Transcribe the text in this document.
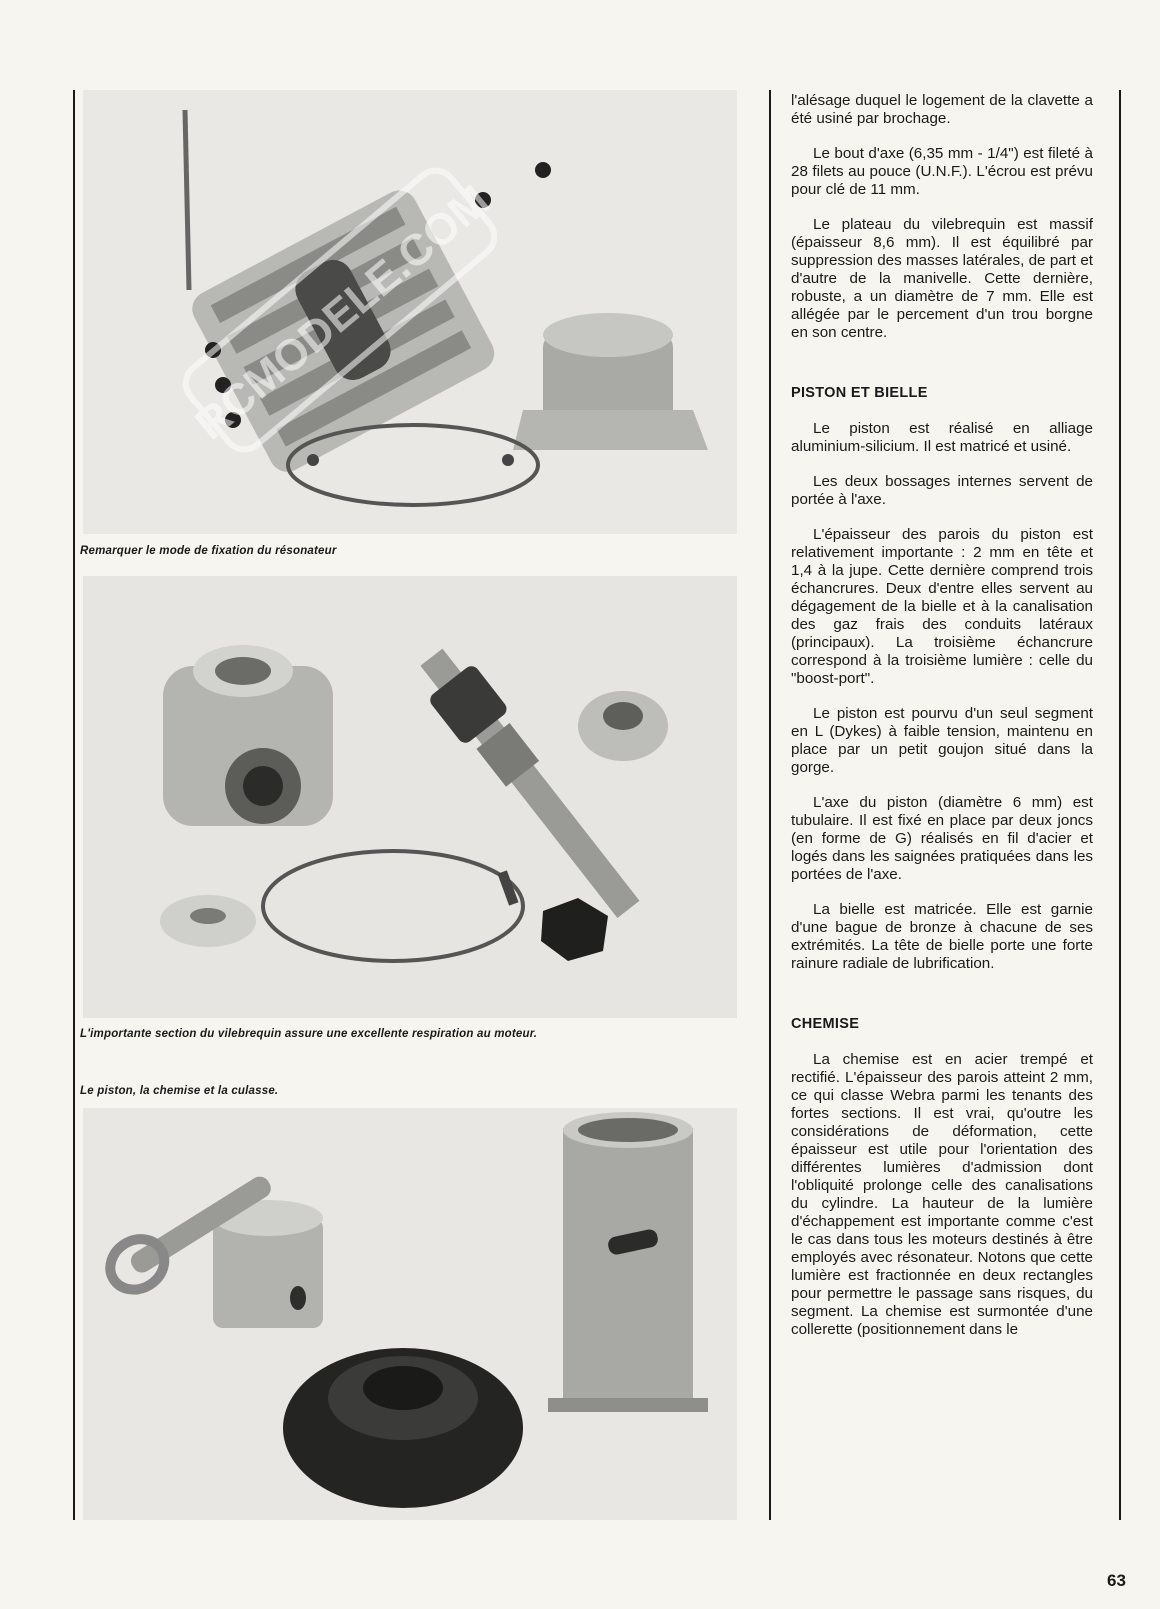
RCMODELE.COM
Remarquer le mode de fixation du résonateur
L'importante section du vilebrequin assure une excellente respiration au moteur.
Le piston, la chemise et la culasse.

l'alésage duquel le logement de la clavette a été usiné par brochage.

Le bout d'axe (6,35 mm - 1/4") est fileté à 28 filets au pouce (U.N.F.). L'écrou est prévu pour clé de 11 mm.

Le plateau du vilebrequin est massif (épaisseur 8,6 mm). Il est équilibré par suppression des masses latérales, de part et d'autre de la manivelle. Cette dernière, robuste, a un diamètre de 7 mm. Elle est allégée par le percement d'un trou borgne en son centre.

PISTON ET BIELLE

Le piston est réalisé en alliage aluminium-silicium. Il est matricé et usiné.

Les deux bossages internes servent de portée à l'axe.

L'épaisseur des parois du piston est relativement importante : 2 mm en tête et 1,4 à la jupe. Cette dernière comprend trois échancrures. Deux d'entre elles servent au dégagement de la bielle et à la canalisation des gaz frais des conduits latéraux (principaux). La troisième échancrure correspond à la troisième lumière : celle du "boost-port".

Le piston est pourvu d'un seul segment en L (Dykes) à faible tension, maintenu en place par un petit goujon situé dans la gorge.

L'axe du piston (diamètre 6 mm) est tubulaire. Il est fixé en place par deux joncs (en forme de G) réalisés en fil d'acier et logés dans les saignées pratiquées dans les portées de l'axe.

La bielle est matricée. Elle est garnie d'une bague de bronze à chacune de ses extrémités. La tête de bielle porte une forte rainure radiale de lubrification.

CHEMISE

La chemise est en acier trempé et rectifié. L'épaisseur des parois atteint 2 mm, ce qui classe Webra parmi les tenants des fortes sections. Il est vrai, qu'outre les considérations de déformation, cette épaisseur est utile pour l'orientation des différentes lumières d'admission dont l'obliquité prolonge celle des canalisations du cylindre. La hauteur de la lumière d'échappement est importante comme c'est le cas dans tous les moteurs destinés à être employés avec résonateur. Notons que cette lumière est fractionnée en deux rectangles pour permettre le passage sans risques, du segment. La chemise est surmontée d'une collerette (positionnement dans le

63
